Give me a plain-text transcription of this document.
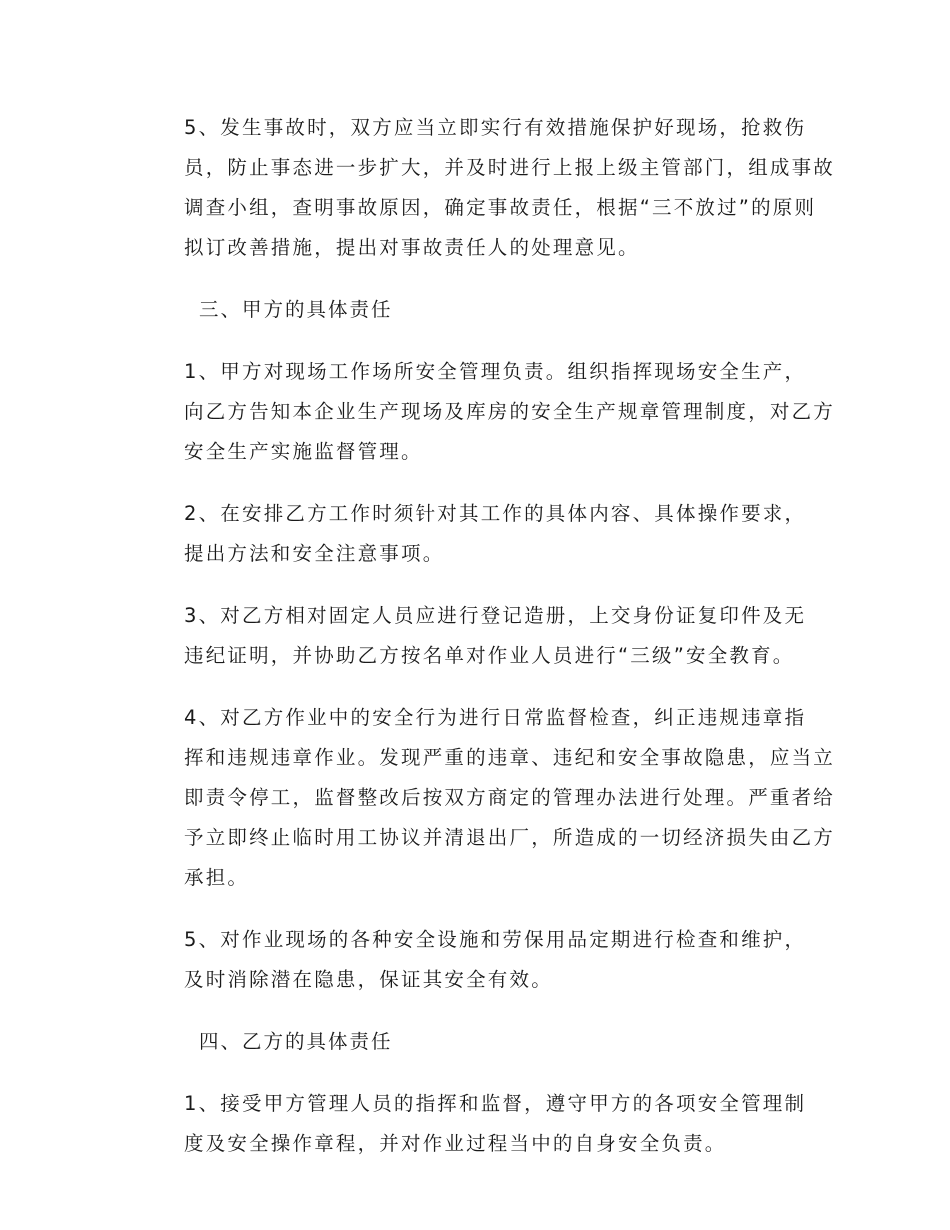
5、发生事故时，双方应当立即实行有效措施保护好现场，抢救伤
员，防止事态进一步扩大，并及时进行上报上级主管部门，组成事故
调查小组，查明事故原因，确定事故责任，根据“三不放过”的原则
拟订改善措施，提出对事故责任人的处理意见。

三、甲方的具体责任

1、甲方对现场工作场所安全管理负责。组织指挥现场安全生产，
向乙方告知本企业生产现场及库房的安全生产规章管理制度，对乙方
安全生产实施监督管理。

2、在安排乙方工作时须针对其工作的具体内容、具体操作要求，
提出方法和安全注意事项。

3、对乙方相对固定人员应进行登记造册，上交身份证复印件及无
违纪证明，并协助乙方按名单对作业人员进行“三级”安全教育。

4、对乙方作业中的安全行为进行日常监督检查，纠正违规违章指
挥和违规违章作业。发现严重的违章、违纪和安全事故隐患，应当立
即责令停工，监督整改后按双方商定的管理办法进行处理。严重者给
予立即终止临时用工协议并清退出厂，所造成的一切经济损失由乙方
承担。

5、对作业现场的各种安全设施和劳保用品定期进行检查和维护，
及时消除潜在隐患，保证其安全有效。

四、乙方的具体责任

1、接受甲方管理人员的指挥和监督，遵守甲方的各项安全管理制
度及安全操作章程，并对作业过程当中的自身安全负责。
